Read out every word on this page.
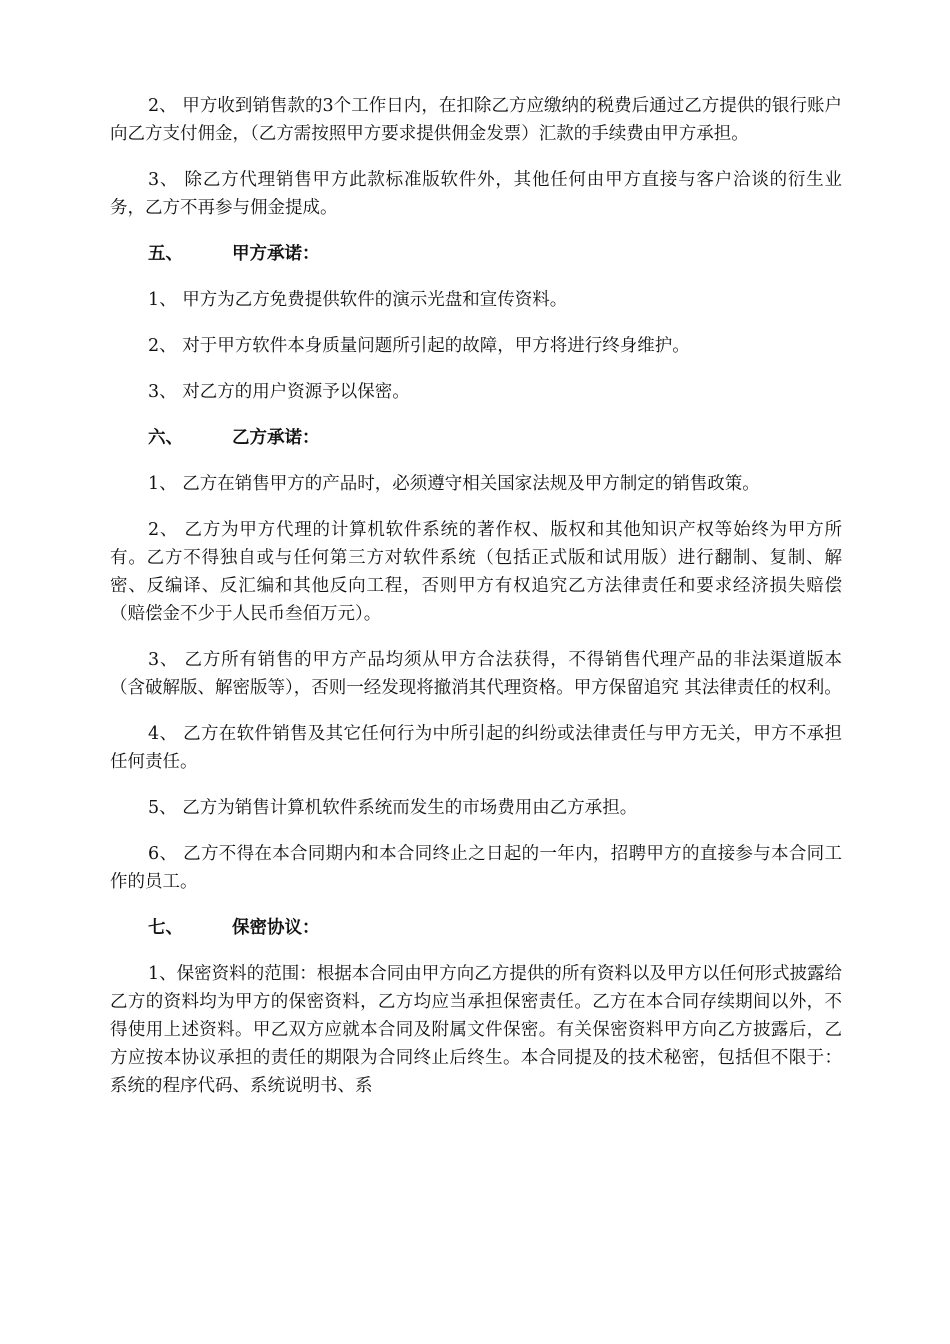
2、 甲方收到销售款的3个工作日内，在扣除乙方应缴纳的税费后通过乙方提供的银行账户向乙方支付佣金，（乙方需按照甲方要求提供佣金发票）汇款的手续费由甲方承担。

3、 除乙方代理销售甲方此款标准版软件外，其他任何由甲方直接与客户洽谈的衍生业务，乙方不再参与佣金提成。

五、	甲方承诺：

1、 甲方为乙方免费提供软件的演示光盘和宣传资料。

2、 对于甲方软件本身质量问题所引起的故障，甲方将进行终身维护。

3、 对乙方的用户资源予以保密。

六、	乙方承诺：

1、 乙方在销售甲方的产品时，必须遵守相关国家法规及甲方制定的销售政策。

2、 乙方为甲方代理的计算机软件系统的著作权、版权和其他知识产权等始终为甲方所有。乙方不得独自或与任何第三方对软件系统（包括正式版和试用版）进行翻制、复制、解密、反编译、反汇编和其他反向工程，否则甲方有权追究乙方法律责任和要求经济损失赔偿（赔偿金不少于人民币叁佰万元）。

3、 乙方所有销售的甲方产品均须从甲方合法获得，不得销售代理产品的非法渠道版本（含破解版、解密版等），否则一经发现将撤消其代理资格。甲方保留追究 其法律责任的权利。

4、 乙方在软件销售及其它任何行为中所引起的纠纷或法律责任与甲方无关，甲方不承担任何责任。

5、 乙方为销售计算机软件系统而发生的市场费用由乙方承担。

6、 乙方不得在本合同期内和本合同终止之日起的一年内，招聘甲方的直接参与本合同工作的员工。

七、	保密协议：

1、保密资料的范围：根据本合同由甲方向乙方提供的所有资料以及甲方以任何形式披露给乙方的资料均为甲方的保密资料，乙方均应当承担保密责任。乙方在本合同存续期间以外，不得使用上述资料。甲乙双方应就本合同及附属文件保密。有关保密资料甲方向乙方披露后，乙方应按本协议承担的责任的期限为合同终止后终生。本合同提及的技术秘密，包括但不限于：系统的程序代码、系统说明书、系
